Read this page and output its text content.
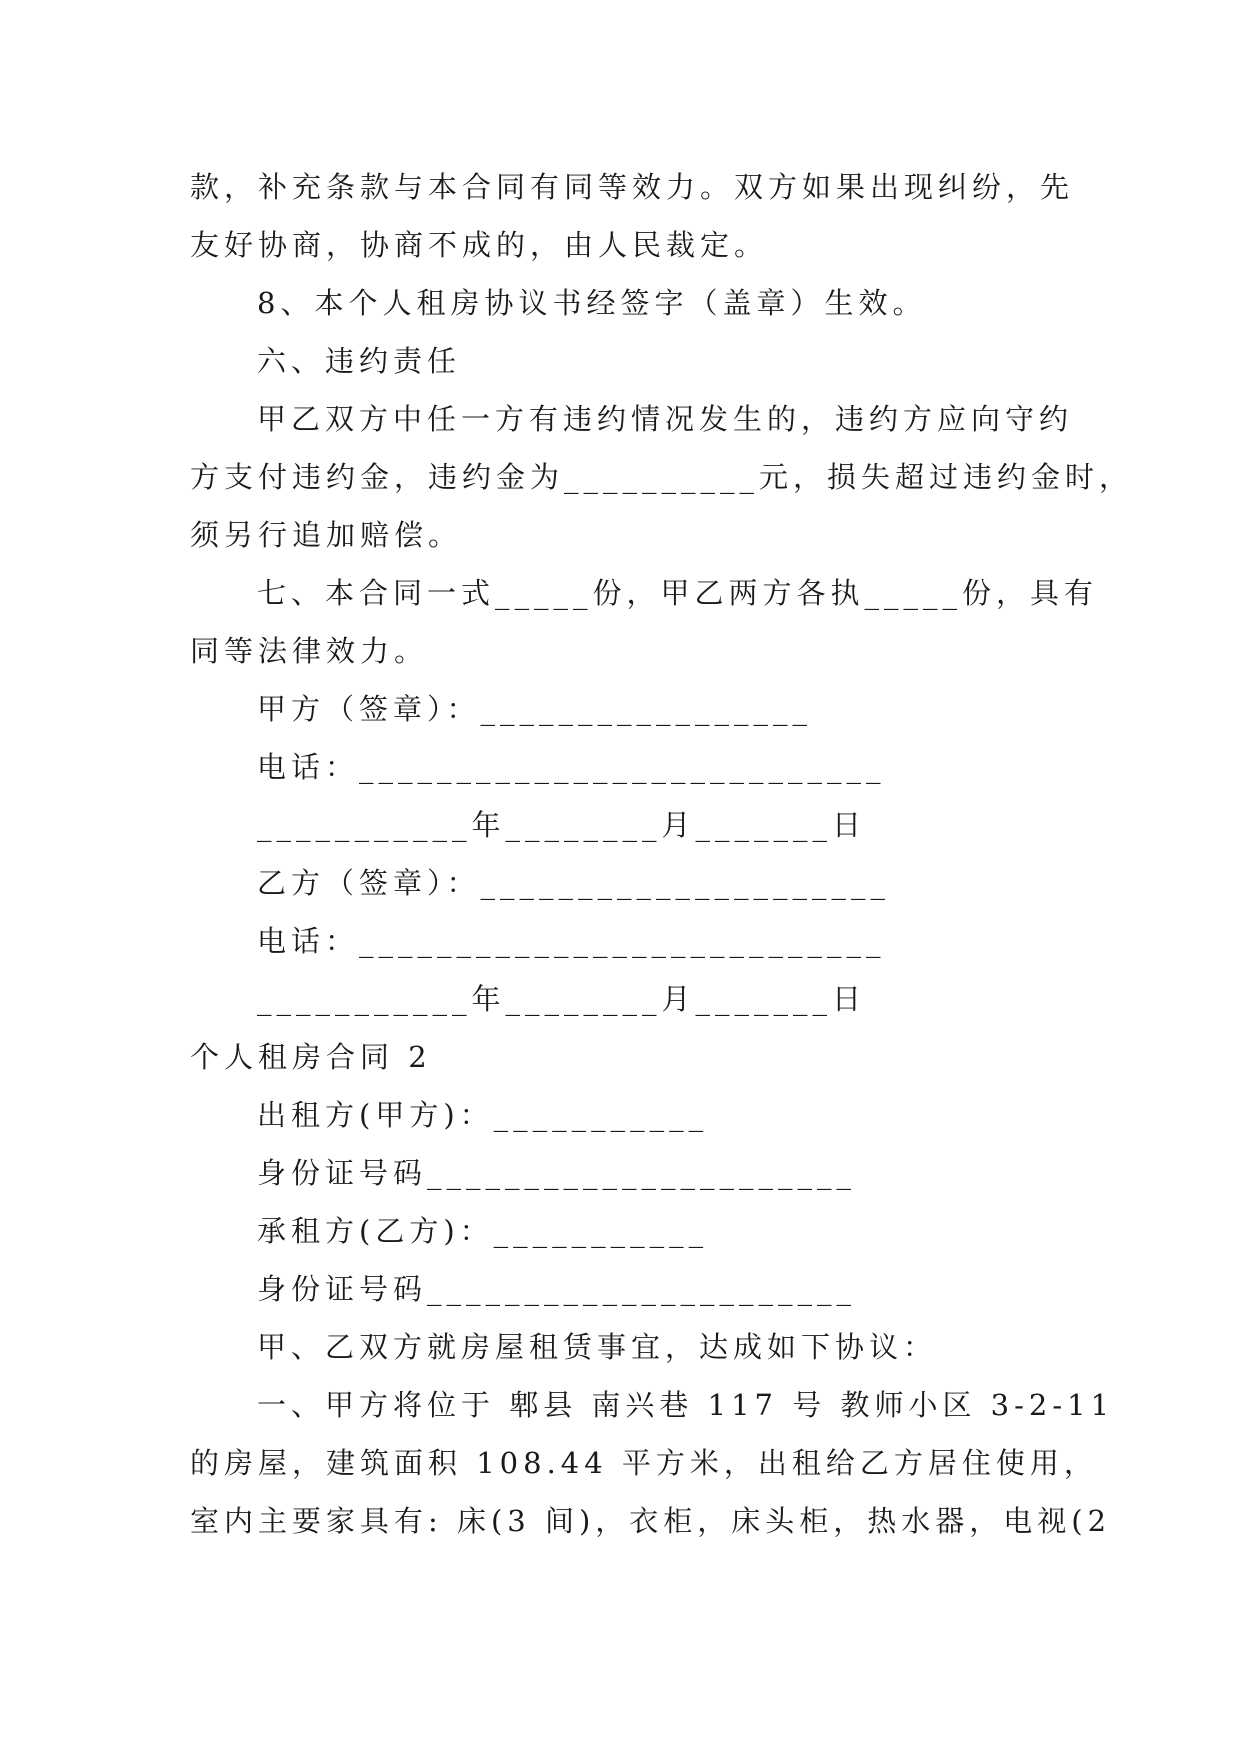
款，补充条款与本合同有同等效力。双方如果出现纠纷，先
友好协商，协商不成的，由人民裁定。
8、本个人租房协议书经签字（盖章）生效。
六、违约责任
甲乙双方中任一方有违约情况发生的，违约方应向守约
方支付违约金，违约金为__________元，损失超过违约金时，
须另行追加赔偿。
七、本合同一式_____份，甲乙两方各执_____份，具有
同等法律效力。
甲方（签章）：_________________
电话：___________________________
___________年________月_______日
乙方（签章）：_____________________
电话：___________________________
___________年________月_______日
个人租房合同 2
出租方(甲方)：___________
身份证号码______________________
承租方(乙方)：___________
身份证号码______________________
甲、乙双方就房屋租赁事宜，达成如下协议：
一、甲方将位于 郫县 南兴巷 117 号 教师小区 3-2-11
的房屋，建筑面积 108.44 平方米，出租给乙方居住使用，
室内主要家具有: 床(3 间)，衣柜，床头柜，热水器，电视(2
